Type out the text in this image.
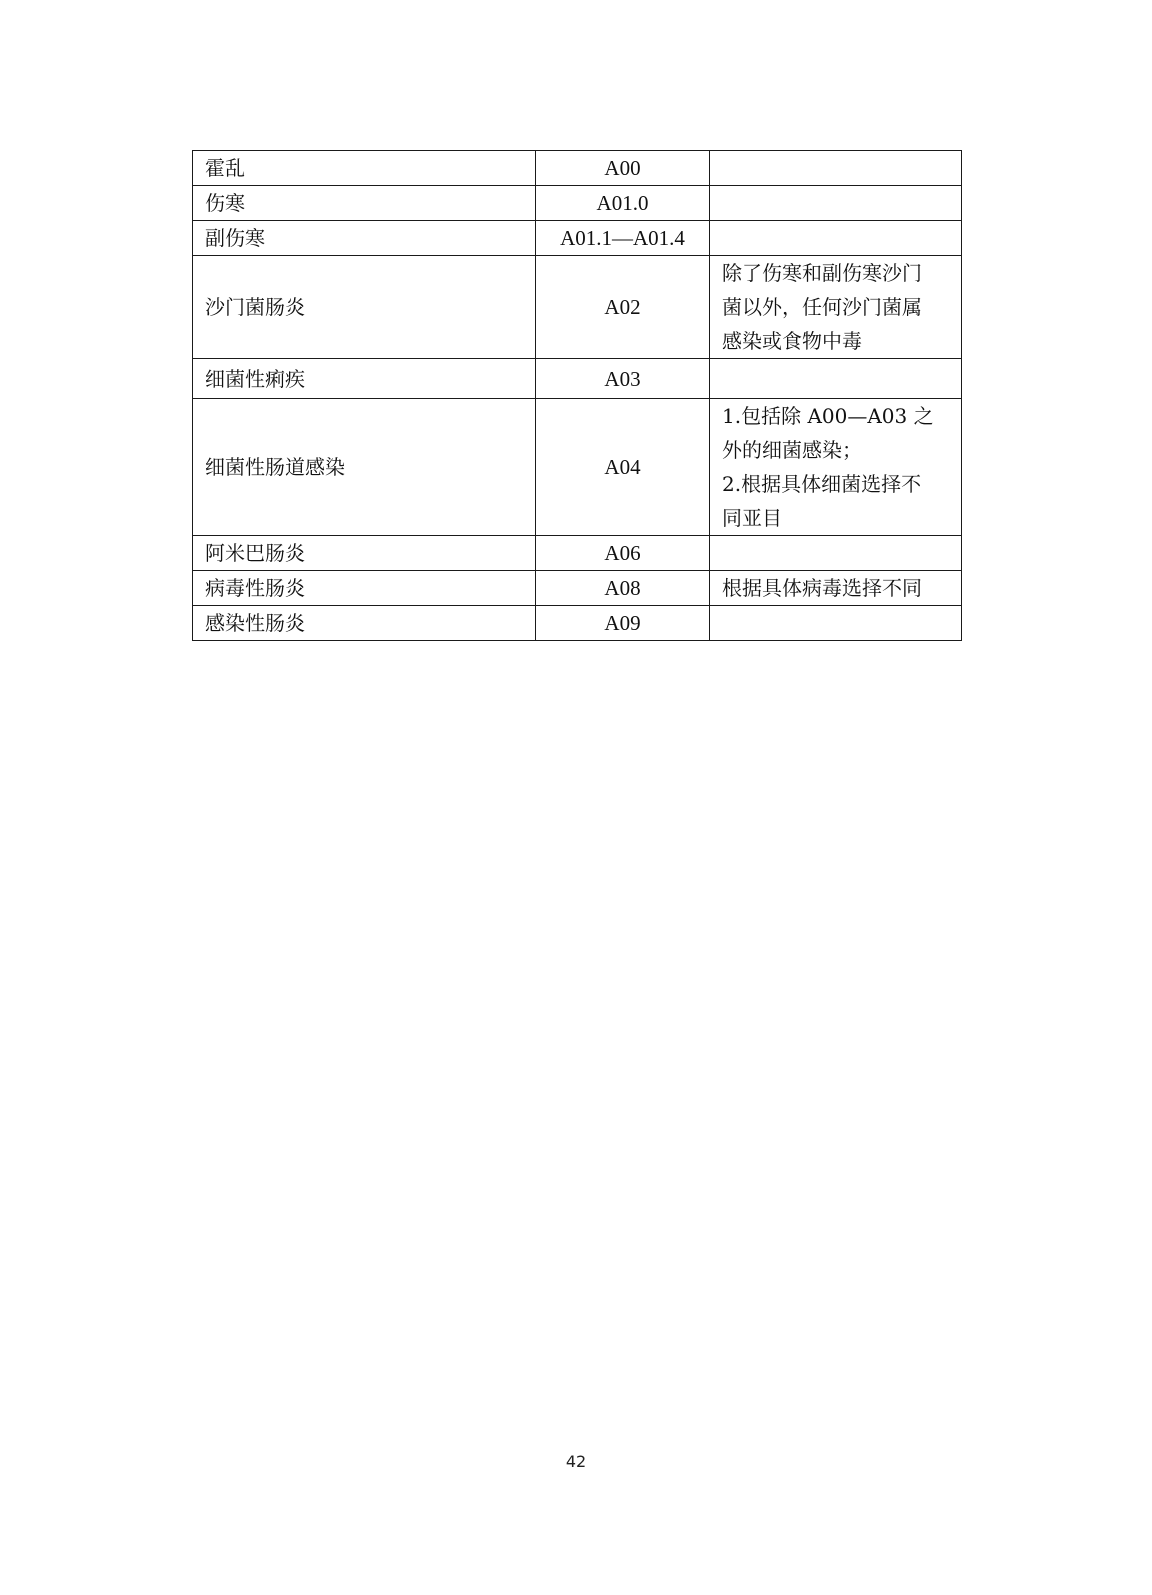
霍乱	A00	
伤寒	A01.0	
副伤寒	A01.1—A01.4	
沙门菌肠炎	A02	除了伤寒和副伤寒沙门
菌以外，任何沙门菌属
感染或食物中毒
细菌性痢疾	A03	
细菌性肠道感染	A04	1.包括除 A00—A03 之
外的细菌感染；
2.根据具体细菌选择不
同亚目
阿米巴肠炎	A06	
病毒性肠炎	A08	根据具体病毒选择不同
感染性肠炎	A09	
42
